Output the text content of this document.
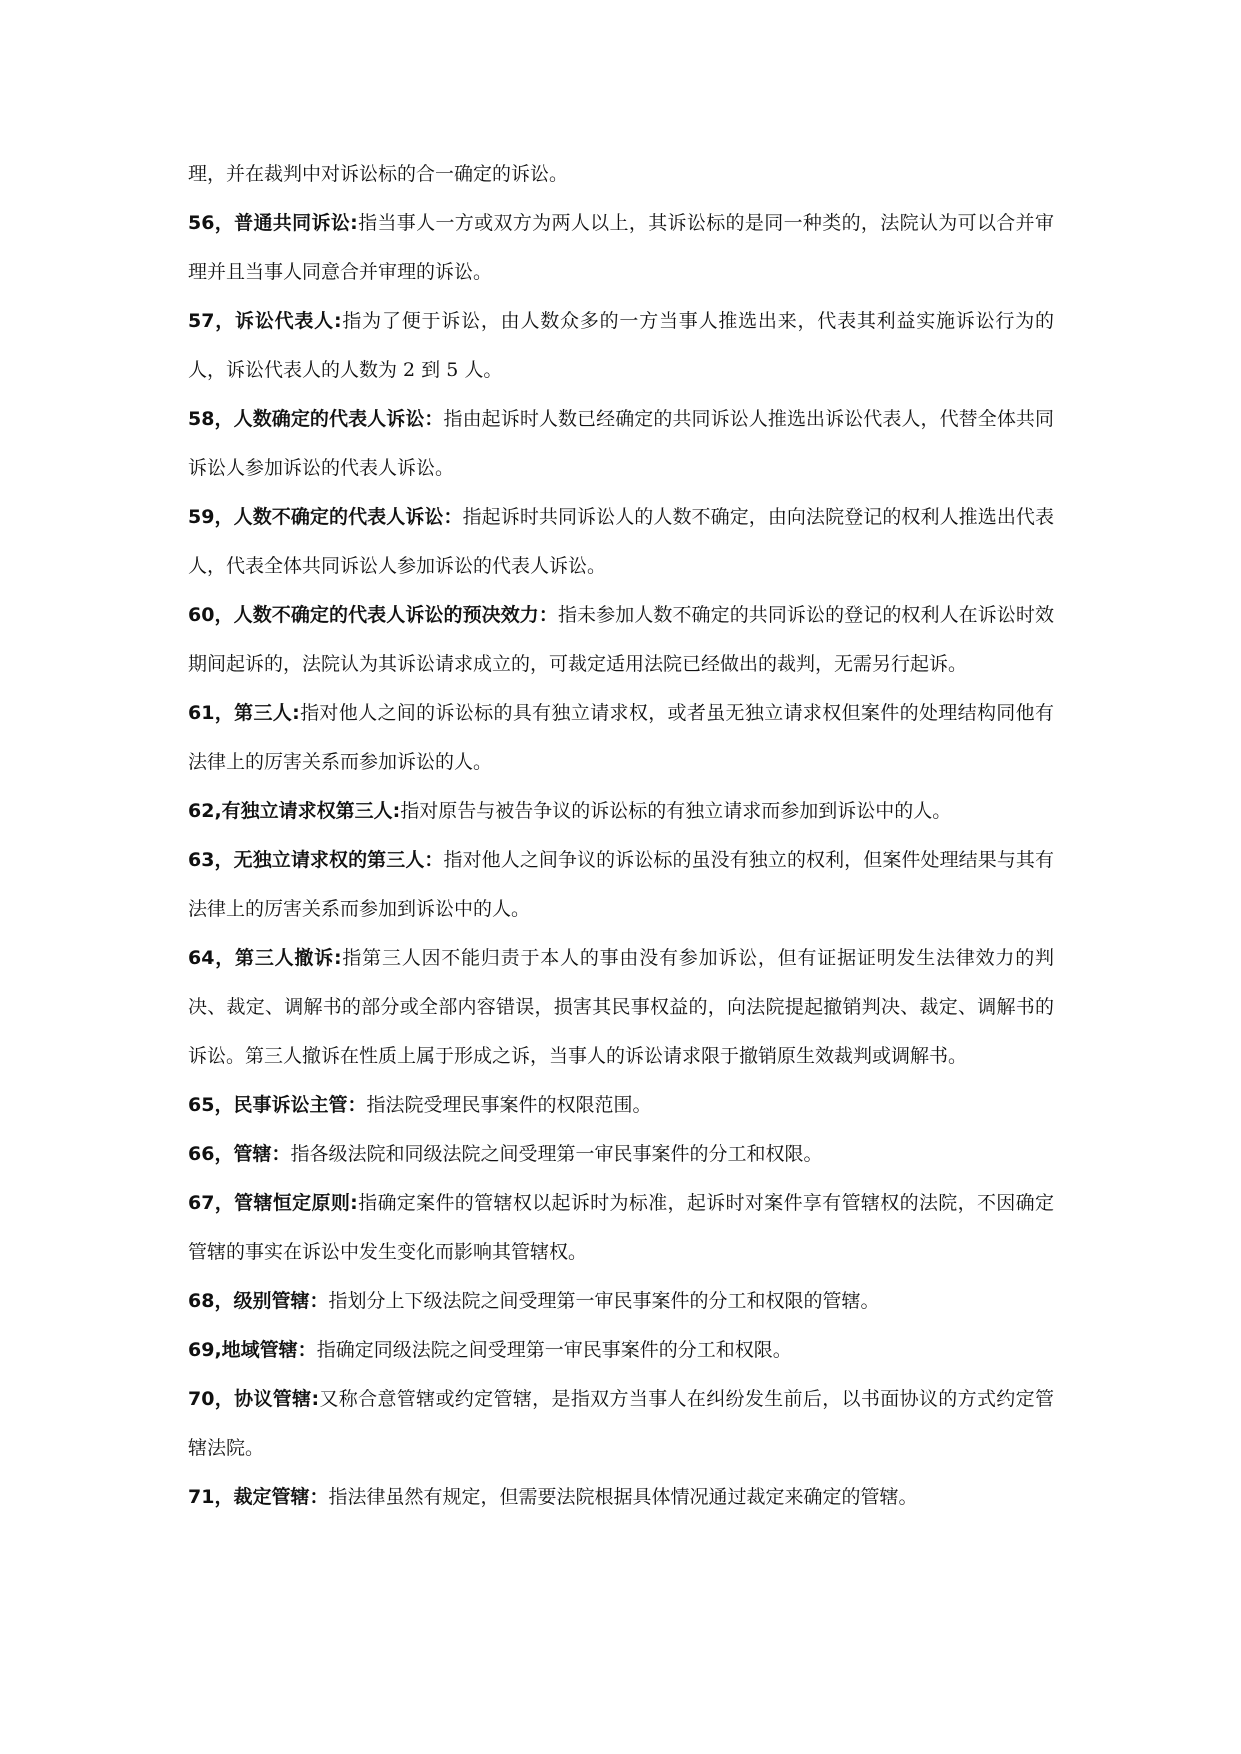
理，并在裁判中对诉讼标的合一确定的诉讼。

56，普通共同诉讼:指当事人一方或双方为两人以上，其诉讼标的是同一种类的，法院认为可以合并审理并且当事人同意合并审理的诉讼。

57，诉讼代表人:指为了便于诉讼，由人数众多的一方当事人推选出来，代表其利益实施诉讼行为的人，诉讼代表人的人数为 2 到 5 人。

58，人数确定的代表人诉讼：指由起诉时人数已经确定的共同诉讼人推选出诉讼代表人，代替全体共同诉讼人参加诉讼的代表人诉讼。

59，人数不确定的代表人诉讼：指起诉时共同诉讼人的人数不确定，由向法院登记的权利人推选出代表人，代表全体共同诉讼人参加诉讼的代表人诉讼。

60，人数不确定的代表人诉讼的预决效力：指未参加人数不确定的共同诉讼的登记的权利人在诉讼时效期间起诉的，法院认为其诉讼请求成立的，可裁定适用法院已经做出的裁判，无需另行起诉。

61，第三人:指对他人之间的诉讼标的具有独立请求权，或者虽无独立请求权但案件的处理结构同他有法律上的厉害关系而参加诉讼的人。

62,有独立请求权第三人:指对原告与被告争议的诉讼标的有独立请求而参加到诉讼中的人。

63，无独立请求权的第三人：指对他人之间争议的诉讼标的虽没有独立的权利，但案件处理结果与其有法律上的厉害关系而参加到诉讼中的人。

64，第三人撤诉:指第三人因不能归责于本人的事由没有参加诉讼，但有证据证明发生法律效力的判决、裁定、调解书的部分或全部内容错误，损害其民事权益的，向法院提起撤销判决、裁定、调解书的诉讼。第三人撤诉在性质上属于形成之诉，当事人的诉讼请求限于撤销原生效裁判或调解书。

65，民事诉讼主管：指法院受理民事案件的权限范围。

66，管辖：指各级法院和同级法院之间受理第一审民事案件的分工和权限。

67，管辖恒定原则:指确定案件的管辖权以起诉时为标准，起诉时对案件享有管辖权的法院，不因确定管辖的事实在诉讼中发生变化而影响其管辖权。

68，级别管辖：指划分上下级法院之间受理第一审民事案件的分工和权限的管辖。

69,地域管辖：指确定同级法院之间受理第一审民事案件的分工和权限。

70，协议管辖:又称合意管辖或约定管辖，是指双方当事人在纠纷发生前后，以书面协议的方式约定管辖法院。

71，裁定管辖：指法律虽然有规定，但需要法院根据具体情况通过裁定来确定的管辖。
